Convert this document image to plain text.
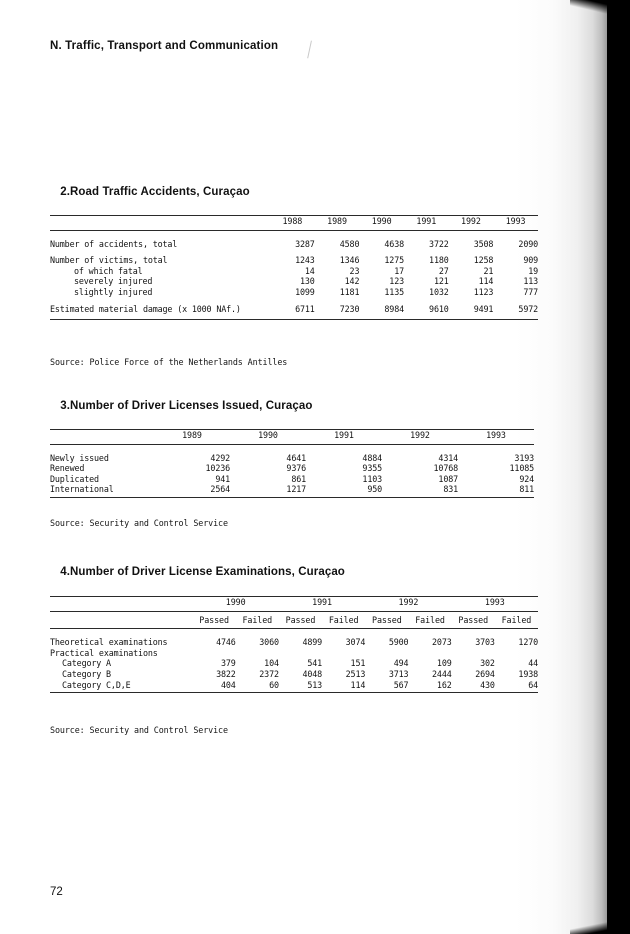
N. Traffic, Transport and Communication
2.Road Traffic Accidents, Curaçao

	1988	1989	1990	1991	1992	1993

Number of accidents, total	3287	4580	4638	3722	3508	2090

Number of victims, total	1243	1346	1275	1180	1258	909
of which fatal	14	23	17	27	21	19
severely injured	130	142	123	121	114	113
slightly injured	1099	1181	1135	1032	1123	777

Estimated material damage (x 1000 NAf.)	6711	7230	8984	9610	9491	5972

Source: Police Force of the Netherlands Antilles
3.Number of Driver Licenses Issued, Curaçao

	1989	1990	1991	1992	1993

Newly issued	4292	4641	4884	4314	3193
Renewed	10236	9376	9355	10768	11085
Duplicated	941	861	1103	1087	924
International	2564	1217	950	831	811

Source: Security and Control Service
4.Number of Driver License Examinations, Curaçao

	1990		1991		1992		1993	

	Passed	Failed	Passed	Failed	Passed	Failed	Passed	Failed

Theoretical examinations	4746	3060	4899	3074	5900	2073	3703	1270
Practical examinations								
Category A	379	104	541	151	494	109	302	44
Category B	3822	2372	4048	2513	3713	2444	2694	1938
Category C,D,E	404	60	513	114	567	162	430	64

Source: Security and Control Service
72
